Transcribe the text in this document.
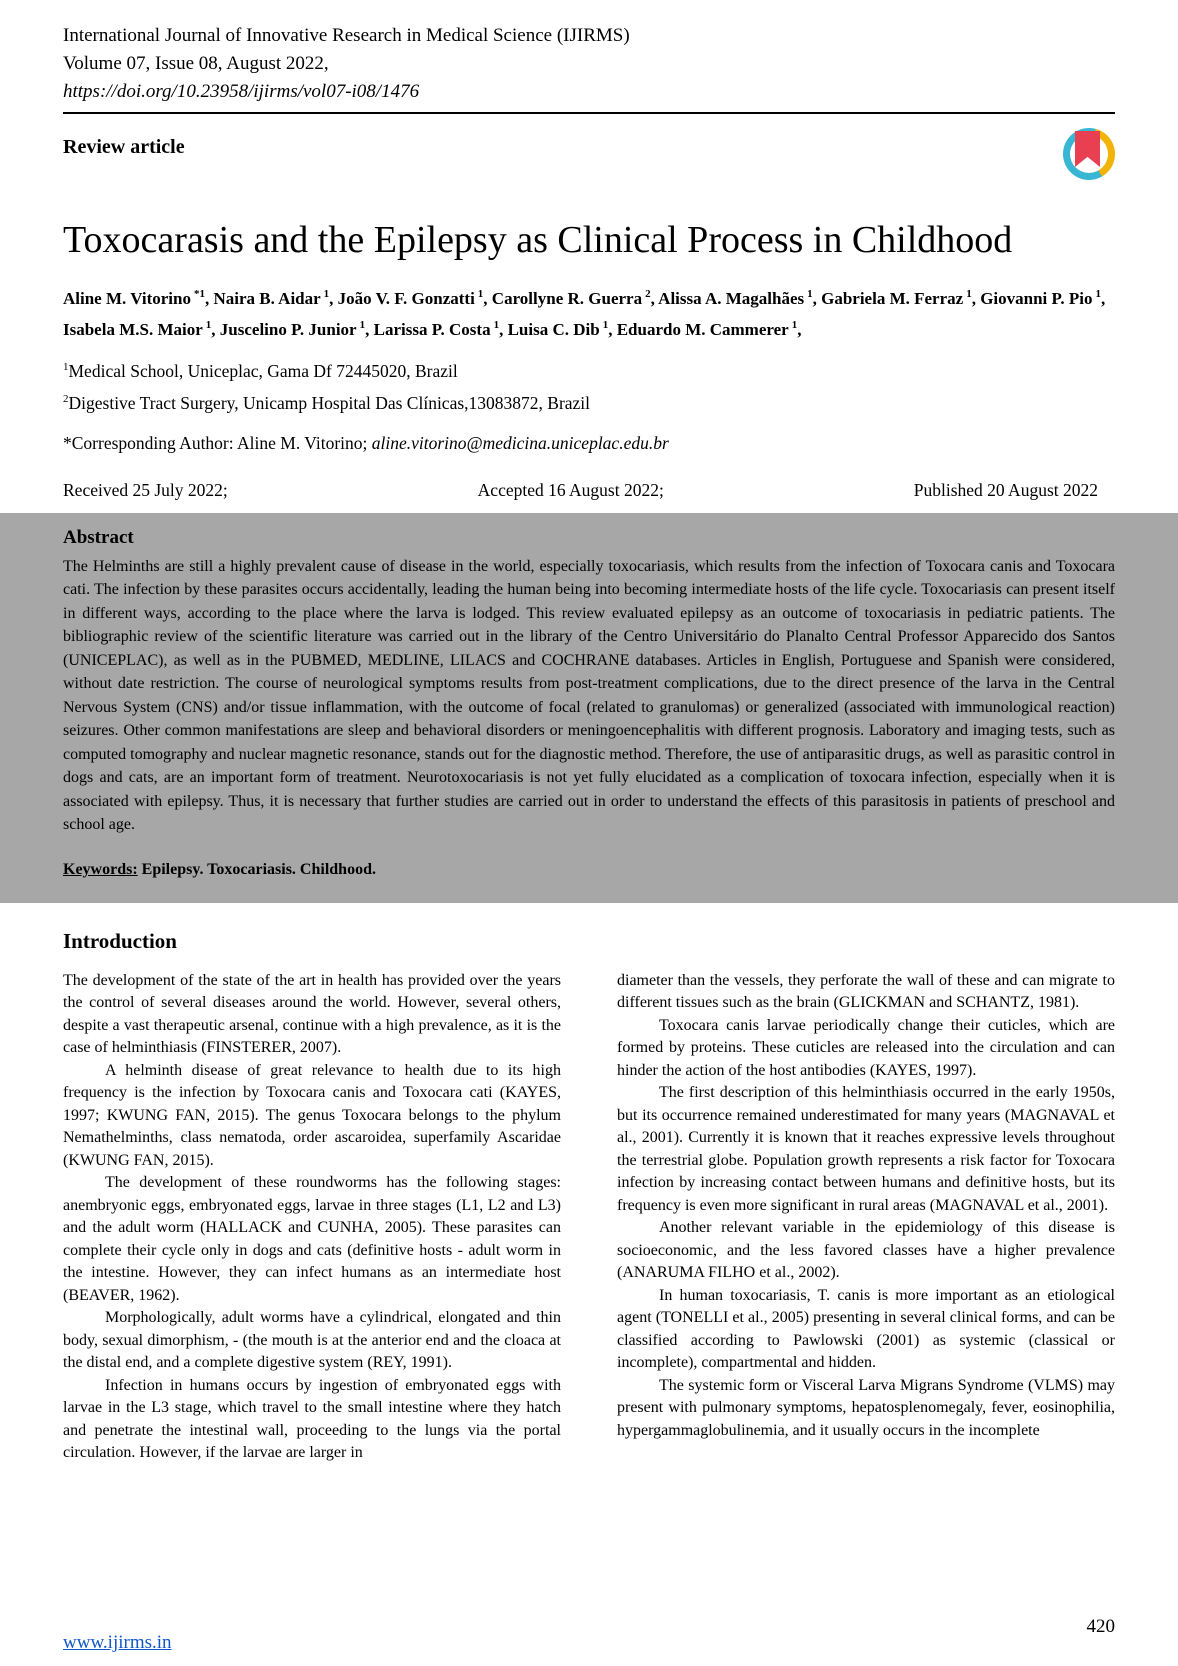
International Journal of Innovative Research in Medical Science (IJIRMS)
Volume 07, Issue 08, August 2022,
https://doi.org/10.23958/ijirms/vol07-i08/1476
Review article
Toxocarasis and the Epilepsy as Clinical Process in Childhood
Aline M. Vitorino $^{*1}$, Naira B. Aidar $^1$, João V. F. Gonzatti $^1$, Carollyne R. Guerra $^2$, Alissa A. Magalhães $^1$, Gabriela M. Ferraz $^1$, Giovanni P. Pio $^1$, Isabela M.S. Maior $^1$, Juscelino P. Junior $^1$, Larissa P. Costa $^1$, Luisa C. Dib $^1$, Eduardo M. Cammerer $^1$,
$^1$Medical School, Uniceplac, Gama Df 72445020, Brazil
$^2$Digestive Tract Surgery, Unicamp Hospital Das Clínicas,13083872, Brazil
*Corresponding Author: Aline M. Vitorino; aline.vitorino@medicina.uniceplac.edu.br
Received 25 July 2022;	Accepted 16 August 2022;	Published 20 August 2022
Abstract

The Helminths are still a highly prevalent cause of disease in the world, especially toxocariasis, which results from the infection of Toxocara canis and Toxocara cati. The infection by these parasites occurs accidentally, leading the human being into becoming intermediate hosts of the life cycle. Toxocariasis can present itself in different ways, according to the place where the larva is lodged. This review evaluated epilepsy as an outcome of toxocariasis in pediatric patients. The bibliographic review of the scientific literature was carried out in the library of the Centro Universitário do Planalto Central Professor Apparecido dos Santos (UNICEPLAC), as well as in the PUBMED, MEDLINE, LILACS and COCHRANE databases. Articles in English, Portuguese and Spanish were considered, without date restriction. The course of neurological symptoms results from post-treatment complications, due to the direct presence of the larva in the Central Nervous System (CNS) and/or tissue inflammation, with the outcome of focal (related to granulomas) or generalized (associated with immunological reaction) seizures. Other common manifestations are sleep and behavioral disorders or meningoencephalitis with different prognosis. Laboratory and imaging tests, such as computed tomography and nuclear magnetic resonance, stands out for the diagnostic method. Therefore, the use of antiparasitic drugs, as well as parasitic control in dogs and cats, are an important form of treatment. Neurotoxocariasis is not yet fully elucidated as a complication of toxocara infection, especially when it is associated with epilepsy. Thus, it is necessary that further studies are carried out in order to understand the effects of this parasitosis in patients of preschool and school age.

Keywords: Epilepsy. Toxocariasis. Childhood.
Introduction

The development of the state of the art in health has provided over the years the control of several diseases around the world. However, several others, despite a vast therapeutic arsenal, continue with a high prevalence, as it is the case of helminthiasis (FINSTERER, 2007).

A helminth disease of great relevance to health due to its high frequency is the infection by Toxocara canis and Toxocara cati (KAYES, 1997; KWUNG FAN, 2015). The genus Toxocara belongs to the phylum Nemathelminths, class nematoda, order ascaroidea, superfamily Ascaridae (KWUNG FAN, 2015).

The development of these roundworms has the following stages: anembryonic eggs, embryonated eggs, larvae in three stages (L1, L2 and L3) and the adult worm (HALLACK and CUNHA, 2005). These parasites can complete their cycle only in dogs and cats (definitive hosts - adult worm in the intestine. However, they can infect humans as an intermediate host (BEAVER, 1962).

Morphologically, adult worms have a cylindrical, elongated and thin body, sexual dimorphism, - (the mouth is at the anterior end and the cloaca at the distal end, and a complete digestive system (REY, 1991).

Infection in humans occurs by ingestion of embryonated eggs with larvae in the L3 stage, which travel to the small intestine where they hatch and penetrate the intestinal wall, proceeding to the lungs via the portal circulation. However, if the larvae are larger in

diameter than the vessels, they perforate the wall of these and can migrate to different tissues such as the brain (GLICKMAN and SCHANTZ, 1981).

Toxocara canis larvae periodically change their cuticles, which are formed by proteins. These cuticles are released into the circulation and can hinder the action of the host antibodies (KAYES, 1997).

The first description of this helminthiasis occurred in the early 1950s, but its occurrence remained underestimated for many years (MAGNAVAL et al., 2001). Currently it is known that it reaches expressive levels throughout the terrestrial globe. Population growth represents a risk factor for Toxocara infection by increasing contact between humans and definitive hosts, but its frequency is even more significant in rural areas (MAGNAVAL et al., 2001).

Another relevant variable in the epidemiology of this disease is socioeconomic, and the less favored classes have a higher prevalence (ANARUMA FILHO et al., 2002).

In human toxocariasis, T. canis is more important as an etiological agent (TONELLI et al., 2005) presenting in several clinical forms, and can be classified according to Pawlowski (2001) as systemic (classical or incomplete), compartmental and hidden.

The systemic form or Visceral Larva Migrans Syndrome (VLMS) may present with pulmonary symptoms, hepatosplenomegaly, fever, eosinophilia, hypergammaglobulinemia, and it usually occurs in the incomplete

www.ijirms.in
420
